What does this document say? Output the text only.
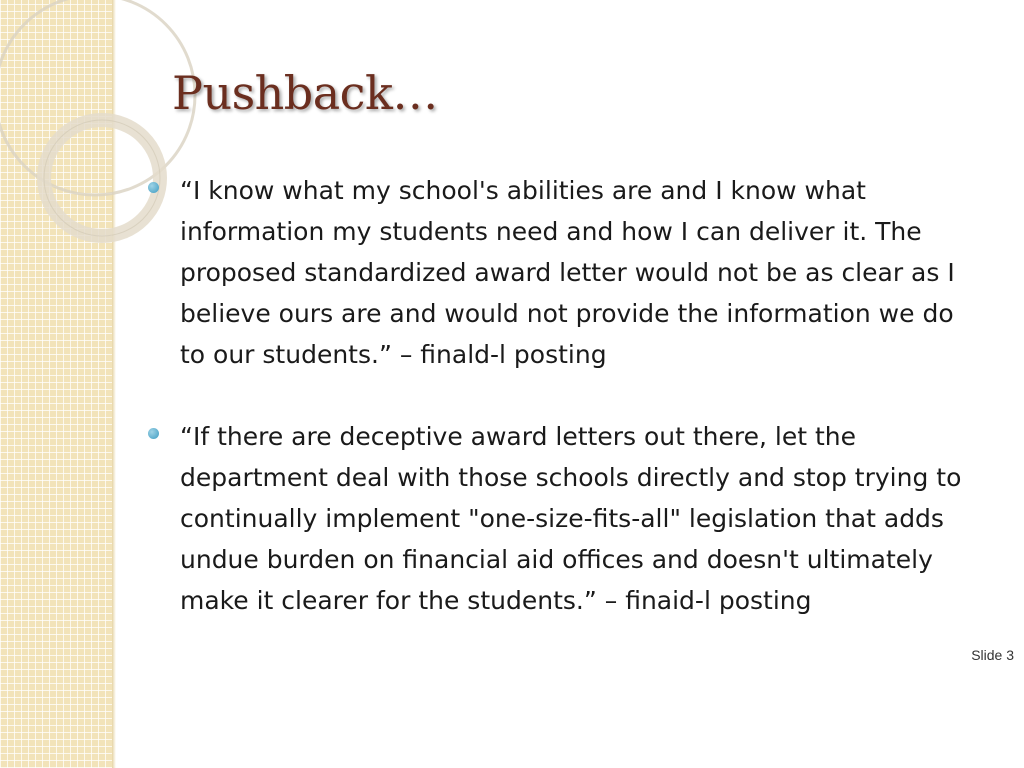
Pushback…
“I know what my school's abilities are and I know what information my students need and how I can deliver it. The proposed standardized award letter would not be as clear as I believe ours are and would not provide the information we do to our students.” – finald-l posting
“If there are deceptive award letters out there, let the department deal with those schools directly and stop trying to continually implement "one-size-fits-all" legislation that adds undue burden on financial aid offices and doesn't ultimately make it clearer for the students.” – finaid-l posting
Slide 3
